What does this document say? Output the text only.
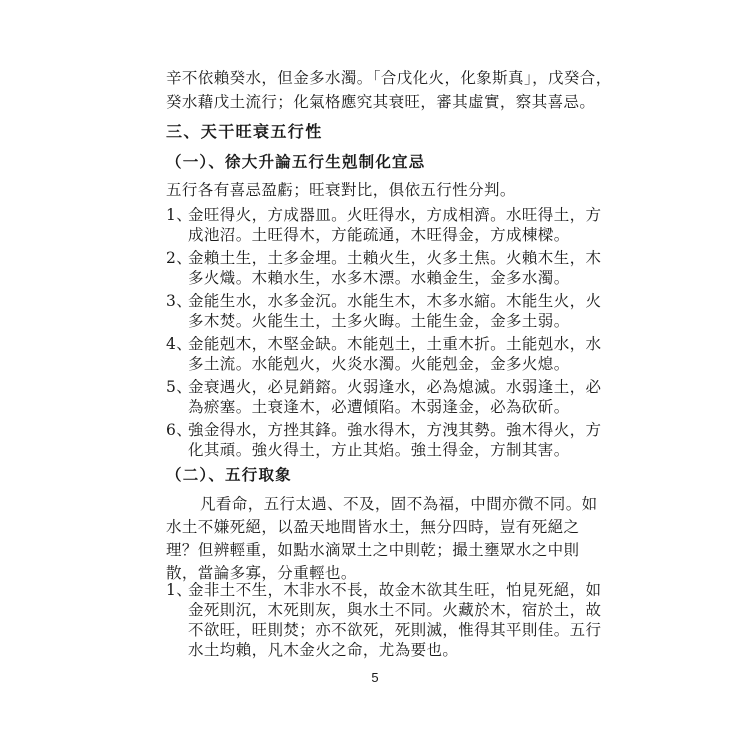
辛不依賴癸水，但金多水濁。「合戊化火，化象斯真」，戊癸合，
癸水藉戊土流行；化氣格應究其衰旺，審其虛實，察其喜忌。
三、天干旺衰五行性
（一）、徐大升論五行生剋制化宜忌
五行各有喜忌盈虧；旺衰對比，俱依五行性分判。
1、金旺得火，方成器皿。火旺得水，方成相濟。水旺得土，方
成池沼。土旺得木，方能疏通，木旺得金，方成棟樑。
2、金賴土生，土多金埋。土賴火生，火多土焦。火賴木生，木
多火熾。木賴水生，水多木漂。水賴金生，金多水濁。
3、金能生水，水多金沉。水能生木，木多水縮。木能生火，火
多木焚。火能生土，土多火晦。土能生金，金多土弱。
4、金能剋木，木堅金缺。木能剋土，土重木折。土能剋水，水
多土流。水能剋火，火炎水濁。火能剋金，金多火熄。
5、金衰遇火，必見銷鎔。火弱逢水，必為熄滅。水弱逢土，必
為瘀塞。土衰逢木，必遭傾陷。木弱逢金，必為砍斫。
6、強金得水，方挫其鋒。強水得木，方洩其勢。強木得火，方
化其頑。強火得土，方止其焰。強土得金，方制其害。
（二）、五行取象
凡看命，五行太過、不及，固不為福，中間亦微不同。如
水土不嫌死絕，以盈天地間皆水土，無分四時，豈有死絕之
理？但辨輕重，如點水滴眾土之中則乾；撮土壅眾水之中則
散，當論多寡，分重輕也。
1、金非土不生，木非水不長，故金木欲其生旺，怕見死絕，如
金死則沉，木死則灰，與水土不同。火藏於木，宿於土，故
不欲旺，旺則焚；亦不欲死，死則滅，惟得其平則佳。五行
水土均賴，凡木金火之命，尤為要也。
5
